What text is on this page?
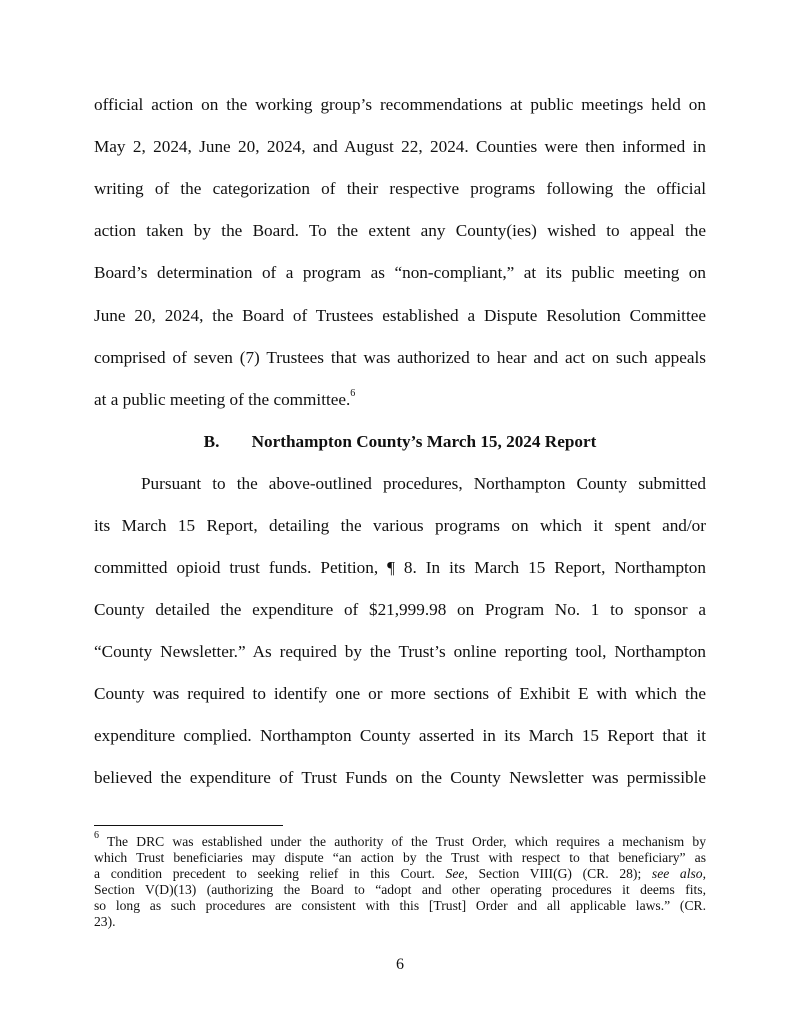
official action on the working group’s recommendations at public meetings held on
May 2, 2024, June 20, 2024, and August 22, 2024. Counties were then informed in
writing of the categorization of their respective programs following the official
action taken by the Board. To the extent any County(ies) wished to appeal the
Board’s determination of a program as “non-compliant,” at its public meeting on
June 20, 2024, the Board of Trustees established a Dispute Resolution Committee
comprised of seven (7) Trustees that was authorized to hear and act on such appeals
at a public meeting of the committee.$^6$
B. Northampton County’s March 15, 2024 Report
Pursuant to the above-outlined procedures, Northampton County submitted
its March 15 Report, detailing the various programs on which it spent and/or
committed opioid trust funds. Petition, ¶ 8. In its March 15 Report, Northampton
County detailed the expenditure of $21,999.98 on Program No. 1 to sponsor a
“County Newsletter.” As required by the Trust’s online reporting tool, Northampton
County was required to identify one or more sections of Exhibit E with which the
expenditure complied. Northampton County asserted in its March 15 Report that it
believed the expenditure of Trust Funds on the County Newsletter was permissible
$^6$ The DRC was established under the authority of the Trust Order, which requires a mechanism by
which Trust beneficiaries may dispute “an action by the Trust with respect to that beneficiary” as
a condition precedent to seeking relief in this Court. See, Section VIII(G) (CR. 28); see also,
Section V(D)(13) (authorizing the Board to “adopt and other operating procedures it deems fits,
so long as such procedures are consistent with this [Trust] Order and all applicable laws.” (CR.
23).
6
